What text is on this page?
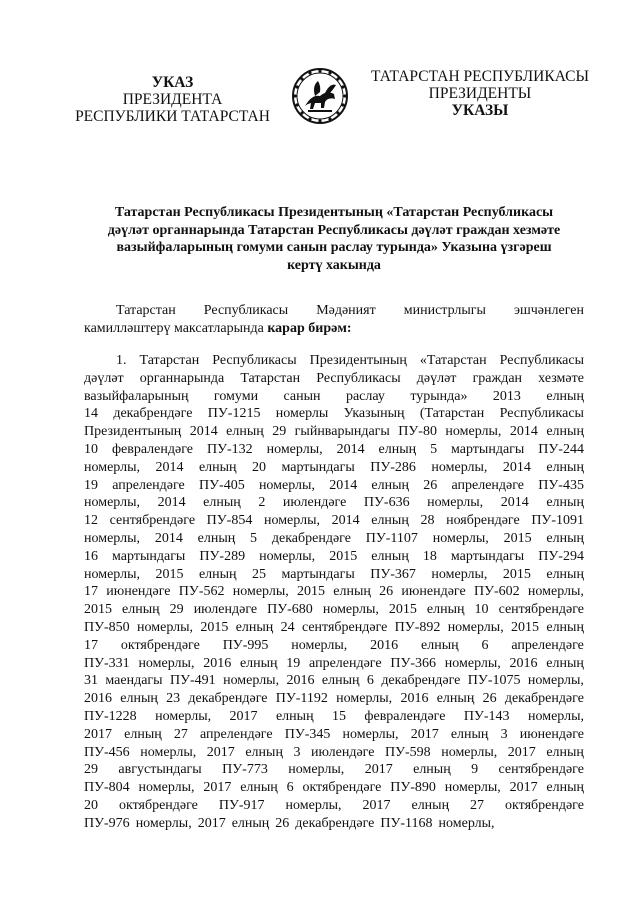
УКАЗ
ПРЕЗИДЕНТА
РЕСПУБЛИКИ ТАТАРСТАН
ТАТАРСТАН РЕСПУБЛИКАСЫ
ПРЕЗИДЕНТЫ
УКАЗЫ
Татарстан Республикасы Президентының «Татарстан Республикасы
дәүләт органнарында Татарстан Республикасы дәүләт граждан хезмәте
вазыйфаларының гомуми санын раслау турында» Указына үзгәреш
кертү хакында
Татарстан Республикасы Мәдәният министрлыгы эшчәнлеген
камилләштерү максатларында карар бирәм:
1. Татарстан Республикасы Президентының «Татарстан Республикасы
дәүләт органнарында Татарстан Республикасы дәүләт граждан хезмәте
вазыйфаларының гомуми санын раслау турында» 2013 елның
14 декабрендәге ПУ-1215 номерлы Указының (Татарстан Республикасы
Президентының 2014 елның 29 гыйнварындагы ПУ-80 номерлы, 2014 елның
10 февралендәге ПУ-132 номерлы, 2014 елның 5 мартындагы ПУ-244
номерлы, 2014 елның 20 мартындагы ПУ-286 номерлы, 2014 елның
19 апрелендәге ПУ-405 номерлы, 2014 елның 26 апрелендәге ПУ-435
номерлы, 2014 елның 2 июлендәге ПУ-636 номерлы, 2014 елның
12 сентябрендәге ПУ-854 номерлы, 2014 елның 28 ноябрендәге ПУ-1091
номерлы, 2014 елның 5 декабрендәге ПУ-1107 номерлы, 2015 елның
16 мартындагы ПУ-289 номерлы, 2015 елның 18 мартындагы ПУ-294
номерлы, 2015 елның 25 мартындагы ПУ-367 номерлы, 2015 елның
17 июнендәге ПУ-562 номерлы, 2015 елның 26 июнендәге ПУ-602 номерлы,
2015 елның 29 июлендәге ПУ-680 номерлы, 2015 елның 10 сентябрендәге
ПУ-850 номерлы, 2015 елның 24 сентябрендәге ПУ-892 номерлы, 2015 елның
17 октябрендәге ПУ-995 номерлы, 2016 елның 6 апрелендәге
ПУ-331 номерлы, 2016 елның 19 апрелендәге ПУ-366 номерлы, 2016 елның
31 маендагы ПУ-491 номерлы, 2016 елның 6 декабрендәге ПУ-1075 номерлы,
2016 елның 23 декабрендәге ПУ-1192 номерлы, 2016 елның 26 декабрендәге
ПУ-1228 номерлы, 2017 елның 15 февралендәге ПУ-143 номерлы,
2017 елның 27 апрелендәге ПУ-345 номерлы, 2017 елның 3 июнендәге
ПУ-456 номерлы, 2017 елның 3 июлендәге ПУ-598 номерлы, 2017 елның
29 августындагы ПУ-773 номерлы, 2017 елның 9 сентябрендәге
ПУ-804 номерлы, 2017 елның 6 октябрендәге ПУ-890 номерлы, 2017 елның
20 октябрендәге ПУ-917 номерлы, 2017 елның 27 октябрендәге
ПУ-976 номерлы, 2017 елның 26 декабрендәге ПУ-1168 номерлы,
